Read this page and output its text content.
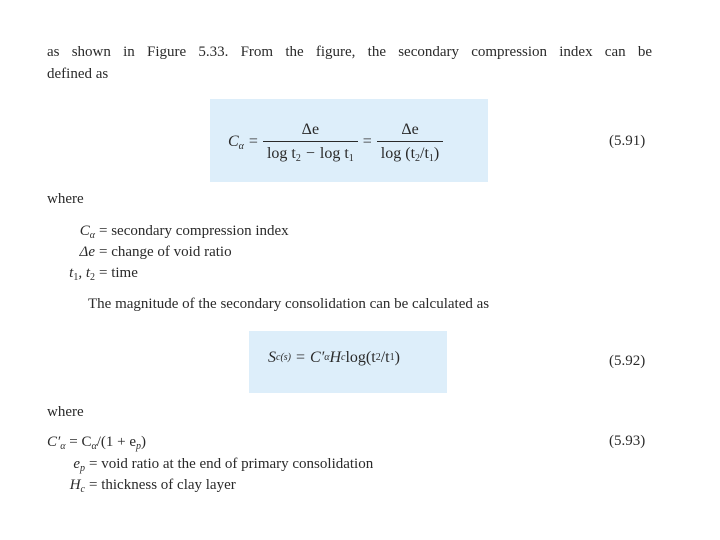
as shown in Figure 5.33. From the figure, the secondary compression index can be
defined as
$C_\alpha = \frac{\Delta e}{\log t_2 - \log t_1} = \frac{\Delta e}{\log (t_2/t_1)}$	(5.91)
where
$C_\alpha$ = secondary compression index
Δe = change of void ratio
$t_1$, $t_2$ = time
The magnitude of the secondary consolidation can be calculated as
S c(s) = C′ α H c log(t 2 /t 1 )	(5.92)
where
$C'_\alpha = C_\alpha/(1 + e_p)$	(5.93)
$e_p$ = void ratio at the end of primary consolidation
$H_c$ = thickness of clay layer
